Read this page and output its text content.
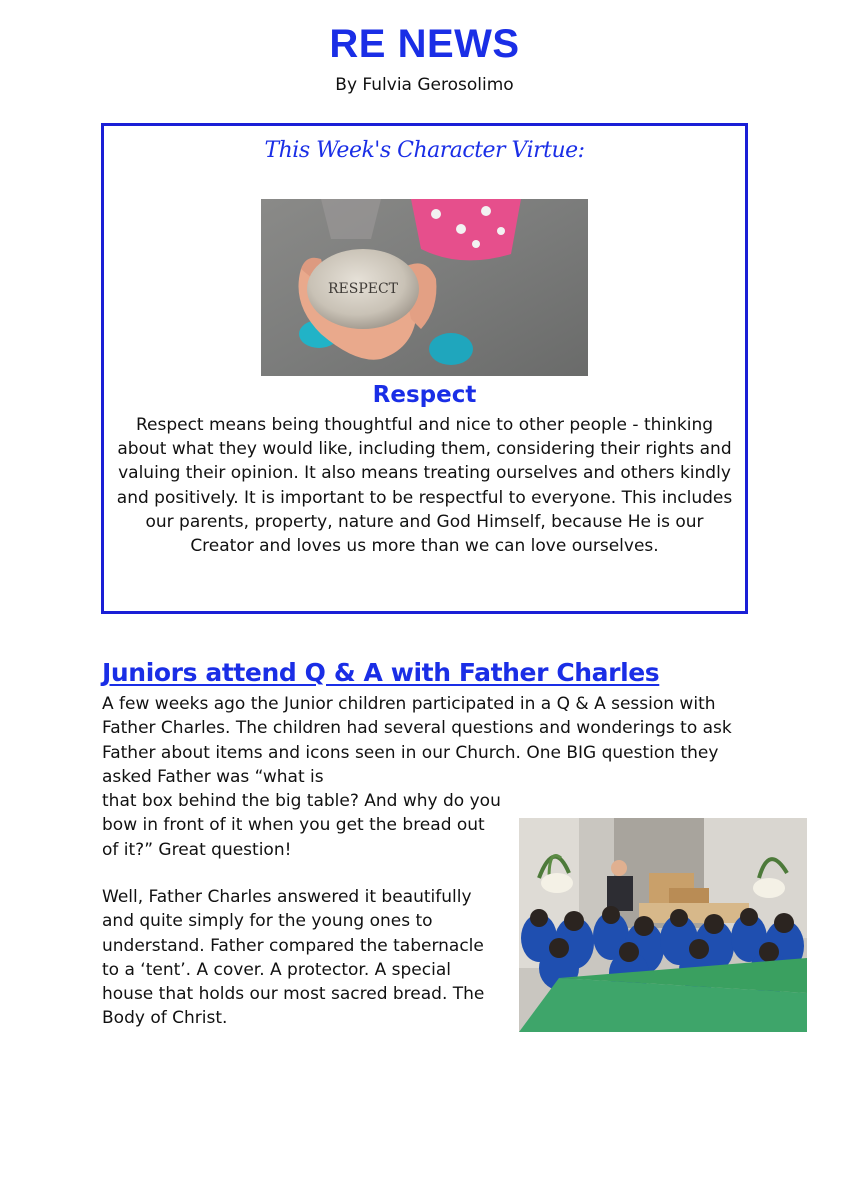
RE NEWS
By Fulvia Gerosolimo
This Week's Character Virtue:
RESPECT
Respect
Respect means being thoughtful and nice to other people - thinking about what they would like, including them, considering their rights and valuing their opinion. It also means treating ourselves and others kindly and positively. It is important to be respectful to everyone. This includes our parents, property, nature and God Himself, because He is our Creator and loves us more than we can love ourselves.
Juniors attend Q & A with Father Charles
A few weeks ago the Junior children participated in a Q & A session with Father Charles. The children had several questions and wonderings to ask Father about items and icons seen in our Church. One BIG question they asked Father was “what is
that box behind the big table? And why do you bow in front of it when you get the bread out of it?” Great question!
Well, Father Charles answered it beautifully and quite simply for the young ones to understand. Father compared the tabernacle to a ‘tent’. A cover. A protector. A special house that holds our most sacred bread. The Body of Christ.
